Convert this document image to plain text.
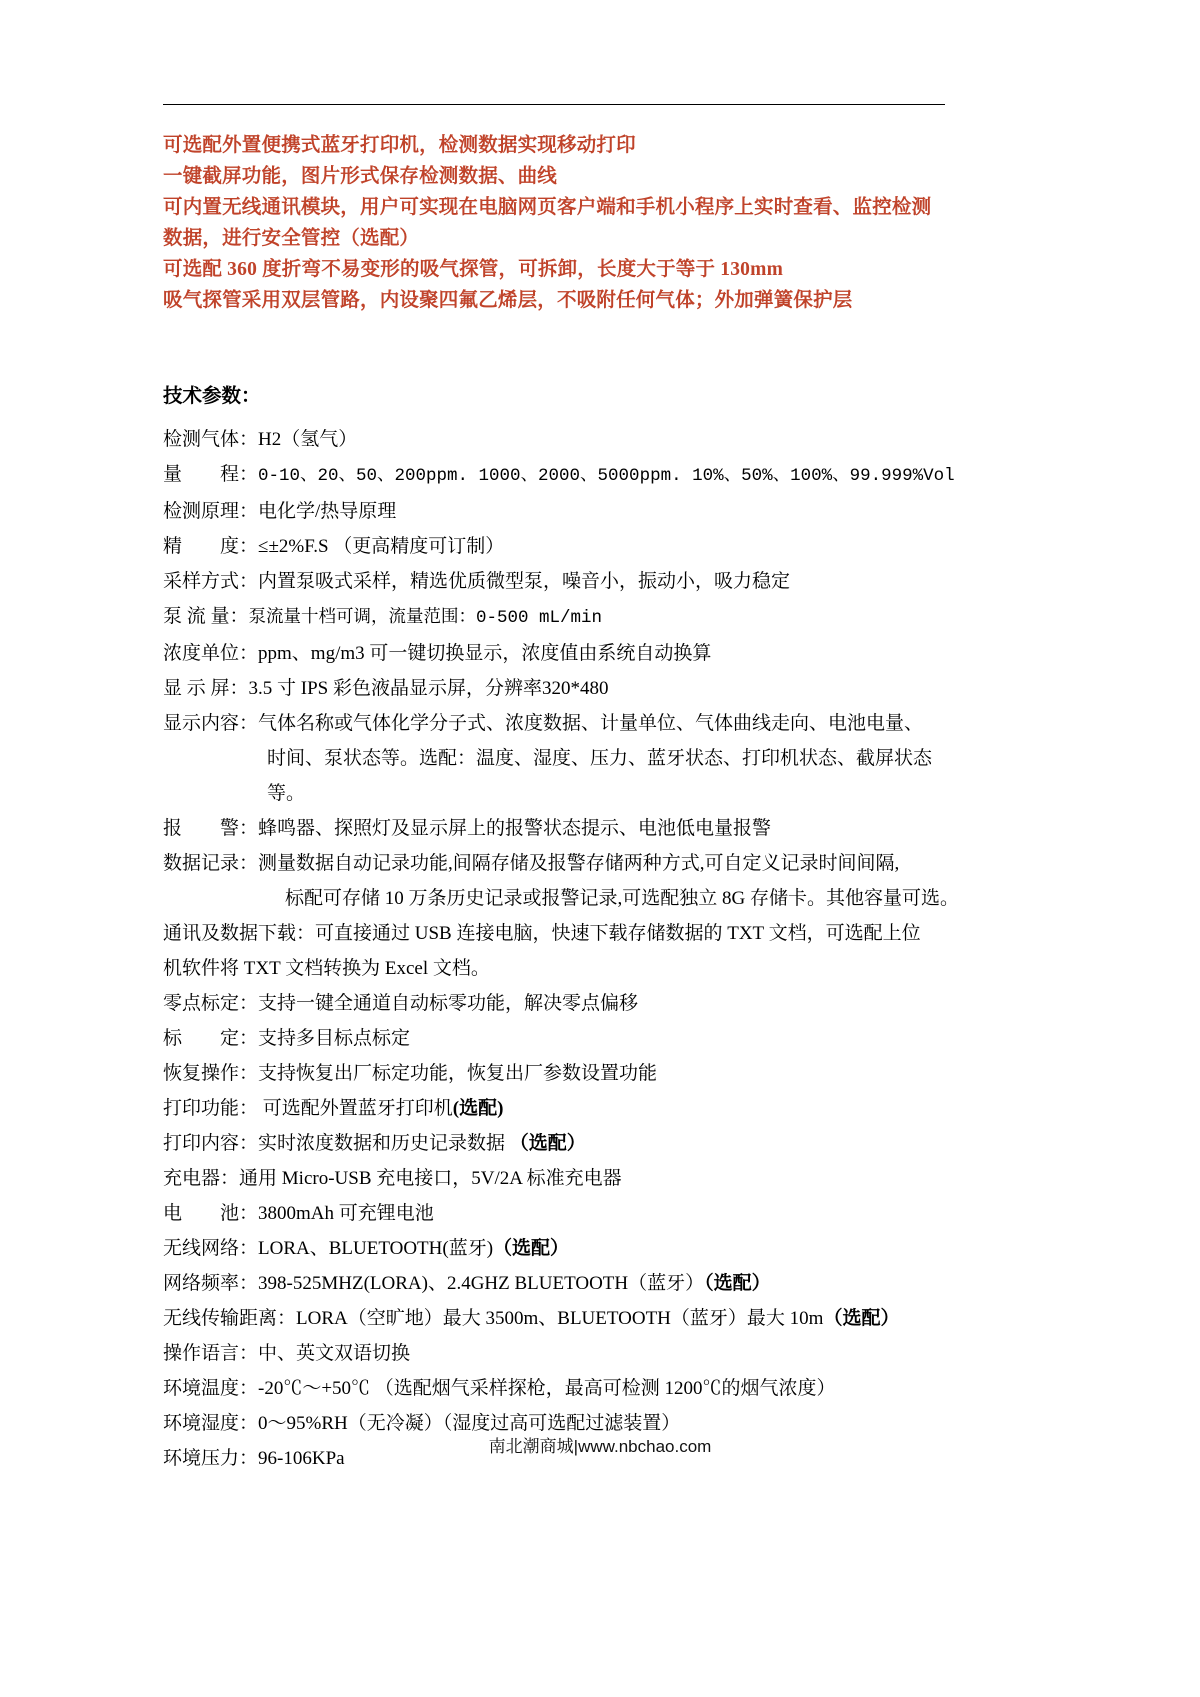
可选配外置便携式蓝牙打印机，检测数据实现移动打印

一键截屏功能，图片形式保存检测数据、曲线

可内置无线通讯模块，用户可实现在电脑网页客户端和手机小程序上实时查看、监控检测

数据，进行安全管控（选配）

可选配 360 度折弯不易变形的吸气探管，可拆卸，长度大于等于 130mm

吸气探管采用双层管路，内设聚四氟乙烯层，不吸附任何气体；外加弹簧保护层

技术参数：
检测气体：H2（氢气）
量　　程：0-10、20、50、200ppm. 1000、2000、5000ppm. 10%、50%、100%、99.999%Vol
检测原理：电化学/热导原理
精　　度：≤±2%F.S （更高精度可订制）
采样方式：内置泵吸式采样，精选优质微型泵，噪音小，振动小，吸力稳定
泵 流 量：泵流量十档可调，流量范围：0-500 mL/min
浓度单位：ppm、mg/m3 可一键切换显示，浓度值由系统自动换算
显 示 屏：3.5 寸 IPS 彩色液晶显示屏，分辨率320*480
显示内容：气体名称或气体化学分子式、浓度数据、计量单位、气体曲线走向、电池电量、
时间、泵状态等。选配：温度、湿度、压力、蓝牙状态、打印机状态、截屏状态
等。
报　　警：蜂鸣器、探照灯及显示屏上的报警状态提示、电池低电量报警
数据记录：测量数据自动记录功能,间隔存储及报警存储两种方式,可自定义记录时间间隔,
标配可存储 10 万条历史记录或报警记录,可选配独立 8G 存储卡。其他容量可选。
通讯及数据下载：可直接通过 USB 连接电脑，快速下载存储数据的 TXT 文档，可选配上位
机软件将 TXT 文档转换为 Excel 文档。
零点标定：支持一键全通道自动标零功能，解决零点偏移
标　　定：支持多目标点标定
恢复操作：支持恢复出厂标定功能，恢复出厂参数设置功能
打印功能： 可选配外置蓝牙打印机(选配)
打印内容：实时浓度数据和历史记录数据 （选配）
充电器：通用 Micro-USB 充电接口，5V/2A 标准充电器
电　　池：3800mAh 可充锂电池
无线网络：LORA、BLUETOOTH(蓝牙)（选配）
网络频率：398-525MHZ(LORA)、2.4GHZ BLUETOOTH（蓝牙）（选配）
无线传输距离：LORA（空旷地）最大 3500m、BLUETOOTH（蓝牙）最大 10m（选配）
操作语言：中、英文双语切换
环境温度：-20℃～+50℃ （选配烟气采样探枪，最高可检测 1200℃的烟气浓度）
环境湿度：0～95%RH（无冷凝）（湿度过高可选配过滤装置）
环境压力：96-106KPa
南北潮商城|www.nbchao.com
